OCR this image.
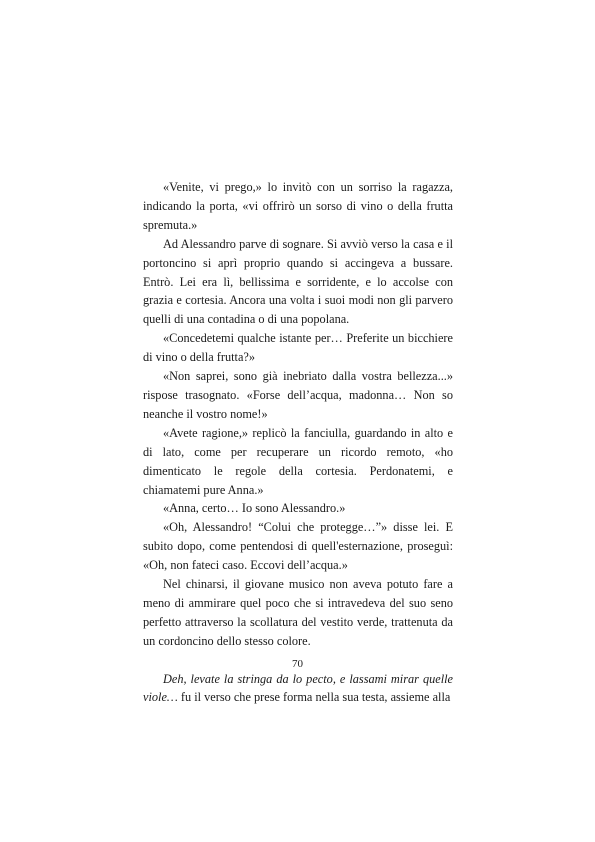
«Venite, vi prego,» lo invitò con un sorriso la ragazza, indicando la porta, «vi offrirò un sorso di vino o della frutta spremuta.»

Ad Alessandro parve di sognare. Si avviò verso la casa e il portoncino si aprì proprio quando si accingeva a bussare. Entrò. Lei era lì, bellissima e sorridente, e lo accolse con grazia e cortesia. Ancora una volta i suoi modi non gli parvero quelli di una contadina o di una popolana.

«Concedetemi qualche istante per… Preferite un bicchiere di vino o della frutta?»

«Non saprei, sono già inebriato dalla vostra bellezza...» rispose trasognato. «Forse dell’acqua, madonna… Non so neanche il vostro nome!»

«Avete ragione,» replicò la fanciulla, guardando in alto e di lato, come per recuperare un ricordo remoto, «ho dimenticato le regole della cortesia. Perdonatemi, e chiamatemi pure Anna.»

«Anna, certo… Io sono Alessandro.»

«Oh, Alessandro! “Colui che protegge…”» disse lei. E subito dopo, come pentendosi di quell'esternazione, proseguì: «Oh, non fateci caso. Eccovi dell’acqua.»

Nel chinarsi, il giovane musico non aveva potuto fare a meno di ammirare quel poco che si intravedeva del suo seno perfetto attraverso la scollatura del vestito verde, trattenuta da un cordoncino dello stesso colore.

Deh, levate la stringa da lo pecto, e lassami mirar quelle viole… fu il verso che prese forma nella sua testa, assieme alla

70
